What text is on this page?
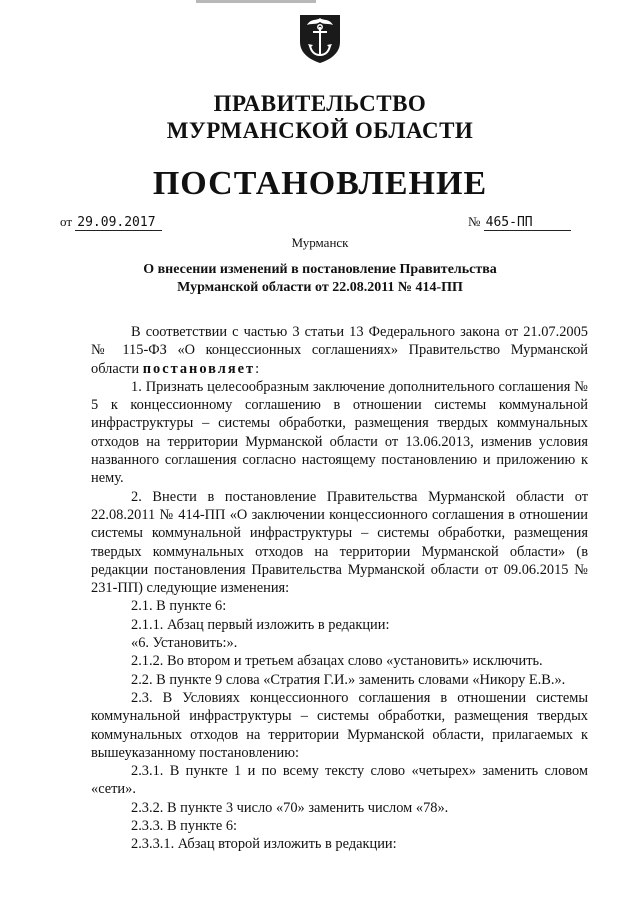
ПРАВИТЕЛЬСТВО
МУРМАНСКОЙ ОБЛАСТИ
ПОСТАНОВЛЕНИЕ
от 29.09.2017	№ 465-ПП
Мурманск
О внесении изменений в постановление Правительства
Мурманской области от 22.08.2011 № 414-ПП

В соответствии с частью 3 статьи 13 Федерального закона от 21.07.2005 № 115-ФЗ «О концессионных соглашениях» Правительство Мурманской области постановляет:

1. Признать целесообразным заключение дополнительного соглашения № 5 к концессионному соглашению в отношении системы коммунальной инфраструктуры – системы обработки, размещения твердых коммунальных отходов на территории Мурманской области от 13.06.2013, изменив условия названного соглашения согласно настоящему постановлению и приложению к нему.

2. Внести в постановление Правительства Мурманской области от 22.08.2011 № 414-ПП «О заключении концессионного соглашения в отношении системы коммунальной инфраструктуры – системы обработки, размещения твердых коммунальных отходов на территории Мурманской области» (в редакции постановления Правительства Мурманской области от 09.06.2015 № 231-ПП) следующие изменения:

2.1. В пункте 6:

2.1.1. Абзац первый изложить в редакции:

«6. Установить:».

2.1.2. Во втором и третьем абзацах слово «установить» исключить.

2.2. В пункте 9 слова «Стратия Г.И.» заменить словами «Никору Е.В.».

2.3. В Условиях концессионного соглашения в отношении системы коммунальной инфраструктуры – системы обработки, размещения твердых коммунальных отходов на территории Мурманской области, прилагаемых к вышеуказанному постановлению:

2.3.1. В пункте 1 и по всему тексту слово «четырех» заменить словом «сети».

2.3.2. В пункте 3 число «70» заменить числом «78».

2.3.3. В пункте 6:

2.3.3.1. Абзац второй изложить в редакции:
